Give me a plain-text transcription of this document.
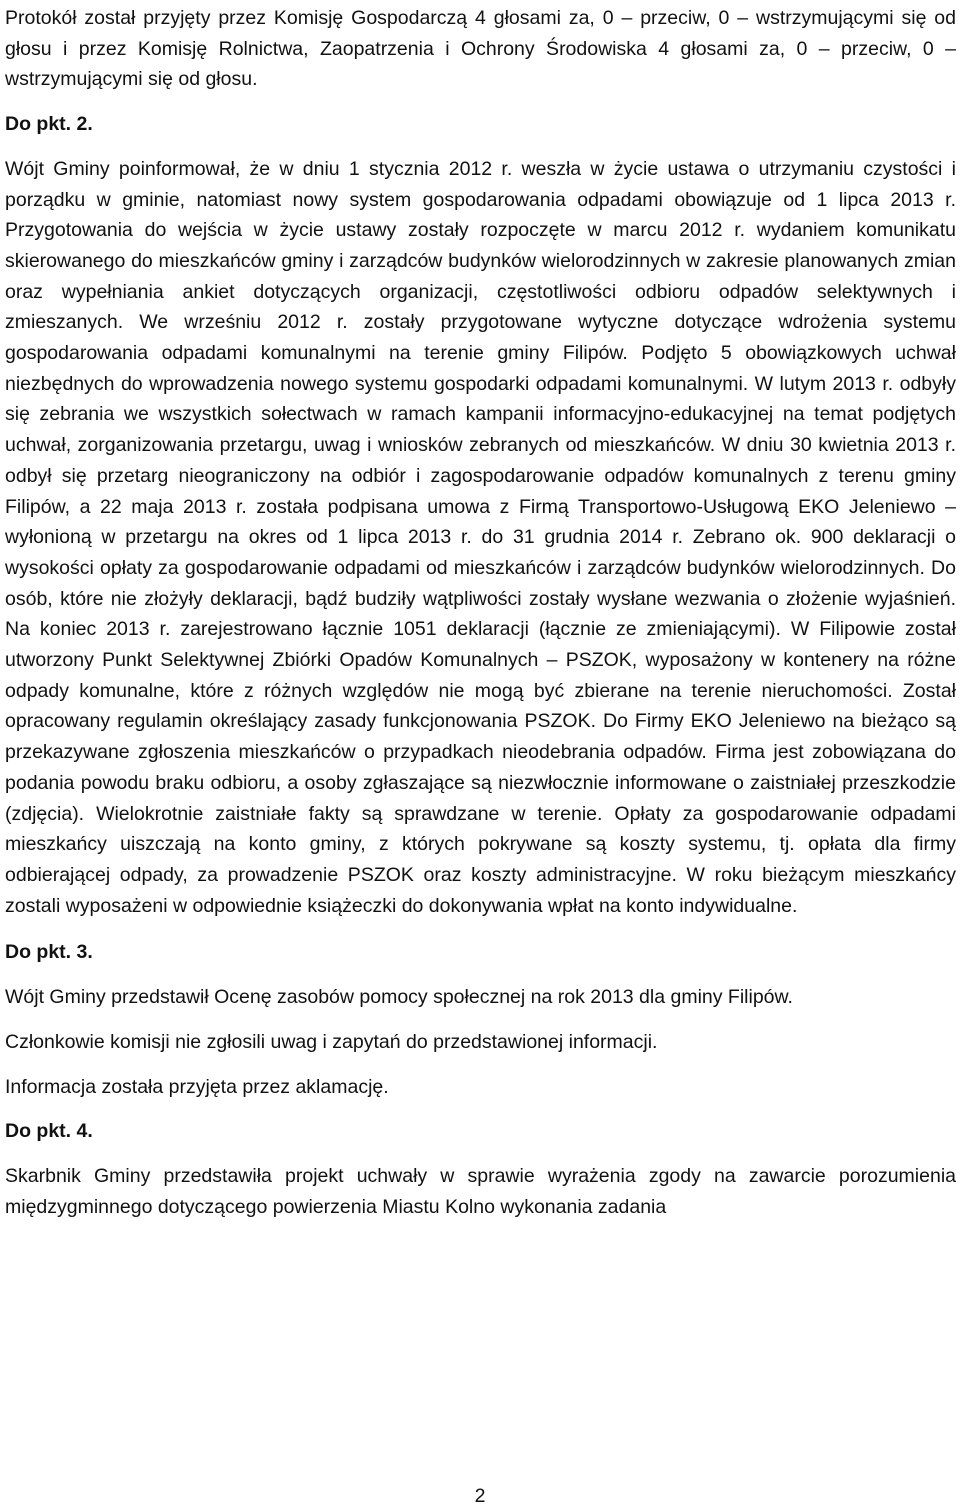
Protokół został przyjęty przez Komisję Gospodarczą 4 głosami za, 0 – przeciw, 0 – wstrzymującymi się od głosu i przez Komisję Rolnictwa, Zaopatrzenia i Ochrony Środowiska 4 głosami za, 0 – przeciw, 0 – wstrzymującymi się od głosu.

Do pkt. 2.

Wójt Gminy poinformował, że w dniu 1 stycznia 2012 r. weszła w życie ustawa o utrzymaniu czystości i porządku w gminie, natomiast nowy system gospodarowania odpadami obowiązuje od 1 lipca 2013 r. Przygotowania do wejścia w życie ustawy zostały rozpoczęte w marcu 2012 r. wydaniem komunikatu skierowanego do mieszkańców gminy i zarządców budynków wielorodzinnych w zakresie planowanych zmian oraz wypełniania ankiet dotyczących organizacji, częstotliwości odbioru odpadów selektywnych i zmieszanych. We wrześniu 2012 r. zostały przygotowane wytyczne dotyczące wdrożenia systemu gospodarowania odpadami komunalnymi na terenie gminy Filipów. Podjęto 5 obowiązkowych uchwał niezbędnych do wprowadzenia nowego systemu gospodarki odpadami komunalnymi. W lutym 2013 r. odbyły się zebrania we wszystkich sołectwach w ramach kampanii informacyjno-edukacyjnej na temat podjętych uchwał, zorganizowania przetargu, uwag i wniosków zebranych od mieszkańców. W dniu 30 kwietnia 2013 r. odbył się przetarg nieograniczony na odbiór i zagospodarowanie odpadów komunalnych z terenu gminy Filipów, a 22 maja 2013 r. została podpisana umowa z Firmą Transportowo-Usługową EKO Jeleniewo – wyłonioną w przetargu na okres od 1 lipca 2013 r. do 31 grudnia 2014 r. Zebrano ok. 900 deklaracji o wysokości opłaty za gospodarowanie odpadami od mieszkańców i zarządców budynków wielorodzinnych. Do osób, które nie złożyły deklaracji, bądź budziły wątpliwości zostały wysłane wezwania o złożenie wyjaśnień. Na koniec 2013 r. zarejestrowano łącznie 1051 deklaracji (łącznie ze zmieniającymi). W Filipowie został utworzony Punkt Selektywnej Zbiórki Opadów Komunalnych – PSZOK, wyposażony w kontenery na różne odpady komunalne, które z różnych względów nie mogą być zbierane na terenie nieruchomości. Został opracowany regulamin określający zasady funkcjonowania PSZOK. Do Firmy EKO Jeleniewo na bieżąco są przekazywane zgłoszenia mieszkańców o przypadkach nieodebrania odpadów. Firma jest zobowiązana do podania powodu braku odbioru, a osoby zgłaszające są niezwłocznie informowane o zaistniałej przeszkodzie (zdjęcia). Wielokrotnie zaistniałe fakty są sprawdzane w terenie. Opłaty za gospodarowanie odpadami mieszkańcy uiszczają na konto gminy, z których pokrywane są koszty systemu, tj. opłata dla firmy odbierającej odpady, za prowadzenie PSZOK oraz koszty administracyjne. W roku bieżącym mieszkańcy zostali wyposażeni w odpowiednie książeczki do dokonywania wpłat na konto indywidualne.

Do pkt. 3.

Wójt Gminy przedstawił Ocenę zasobów pomocy społecznej na rok 2013 dla gminy Filipów.

Członkowie komisji nie zgłosili uwag i zapytań do przedstawionej informacji.

Informacja została przyjęta przez aklamację.

Do pkt. 4.

Skarbnik Gminy przedstawiła projekt uchwały w sprawie wyrażenia zgody na zawarcie porozumienia międzygminnego dotyczącego powierzenia Miastu Kolno wykonania zadania

2
